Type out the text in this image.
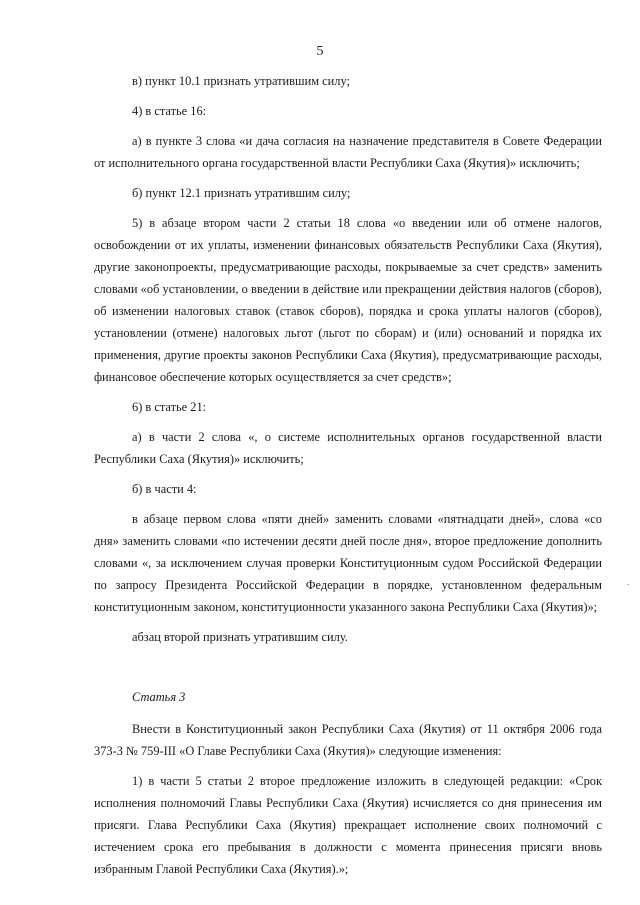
5

в) пункт 10.1 признать утратившим силу;

4) в статье 16:

а) в пункте 3 слова «и дача согласия на назначение представителя в Совете Федерации от исполнительного органа государственной власти Республики Саха (Якутия)» исключить;

б) пункт 12.1 признать утратившим силу;

5) в абзаце втором части 2 статьи 18 слова «о введении или об отмене налогов, освобождении от их уплаты, изменении финансовых обязательств Республики Саха (Якутия), другие законопроекты, предусматривающие расходы, покрываемые за счет средств» заменить словами «об установлении, о введении в действие или прекращении действия налогов (сборов), об изменении налоговых ставок (ставок сборов), порядка и срока уплаты налогов (сборов), установлении (отмене) налоговых льгот (льгот по сборам) и (или) оснований и порядка их применения, другие проекты законов Республики Саха (Якутия), предусматривающие расходы, финансовое обеспечение которых осуществляется за счет средств»;

6) в статье 21:

а) в части 2 слова «, о системе исполнительных органов государственной власти Республики Саха (Якутия)» исключить;

б) в части 4:

в абзаце первом слова «пяти дней» заменить словами «пятнадцати дней», слова «со дня» заменить словами «по истечении десяти дней после дня», второе предложение дополнить словами «, за исключением случая проверки Конституционным судом Российской Федерации по запросу Президента Российской Федерации в порядке, установленном федеральным конституционным законом, конституционности указанного закона Республики Саха (Якутия)»;

абзац второй признать утратившим силу.

Статья 3

Внести в Конституционный закон Республики Саха (Якутия) от 11 октября 2006 года 373-З № 759-III «О Главе Республики Саха (Якутия)» следующие изменения:

1) в части 5 статьи 2 второе предложение изложить в следующей редакции: «Срок исполнения полномочий Главы Республики Саха (Якутия) исчисляется со дня принесения им присяги. Глава Республики Саха (Якутия) прекращает исполнение своих полномочий с истечением срока его пребывания в должности с момента принесения присяги вновь избранным Главой Республики Саха (Якутия).»;

·
